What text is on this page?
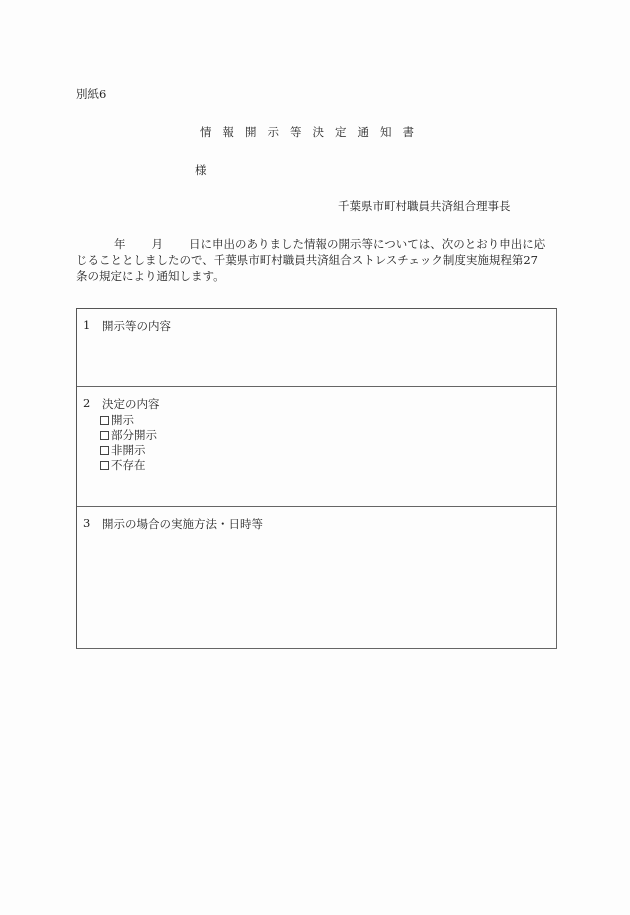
別紙6
情報開示等決定通知書
様
千葉県市町村職員共済組合理事長
年 月 日に申出のありました情報の開示等については、次のとおり申出に応
じることとしましたので、千葉県市町村職員共済組合ストレスチェック制度実施規程第27
条の規定により通知します。
1	開示等の内容
2	決定の内容
開示
部分開示
非開示
不存在
3	開示の場合の実施方法・日時等
